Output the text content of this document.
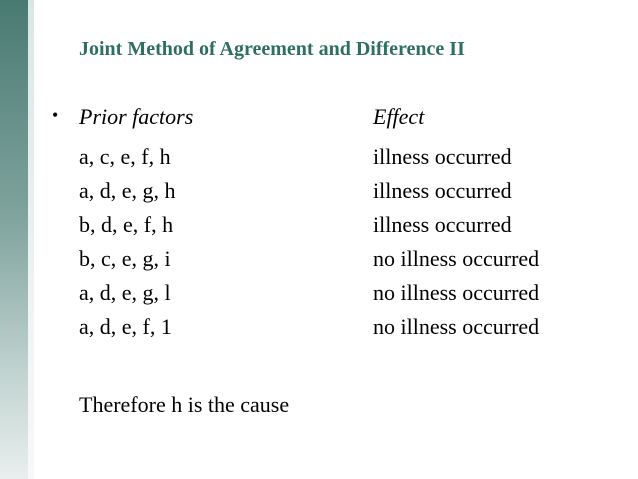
Joint Method of Agreement and Difference II
• Prior factors	Effect
a, c, e, f, h	illness occurred
a, d, e, g, h	illness occurred
b, d, e, f, h	illness occurred
b, c, e, g, i	no illness occurred
a, d, e, g, l	no illness occurred
a, d, e, f, 1	no illness occurred
Therefore h is the cause
